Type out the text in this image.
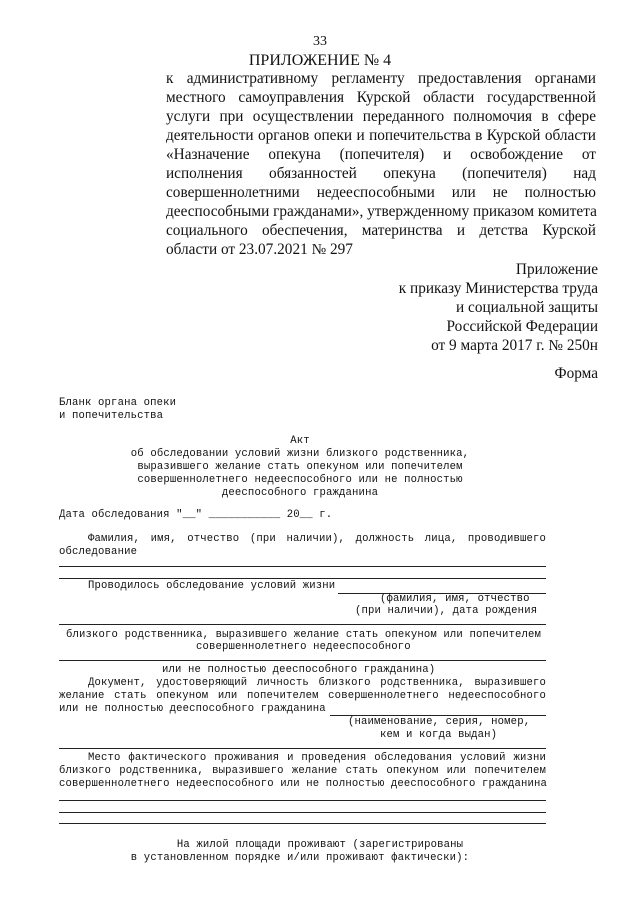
33
ПРИЛОЖЕНИЕ № 4
к административному регламенту предоставления органами
местного самоуправления Курской области государственной
услуги при осуществлении переданного полномочия в сфере
деятельности органов опеки и попечительства в Курской области
«Назначение опекуна (попечителя) и освобождение от
исполнения обязанностей опекуна (попечителя) над
совершеннолетними недееспособными или не полностью
дееспособными гражданами», утвержденному приказом комитета
социального обеспечения, материнства и детства Курской
области от 23.07.2021 № 297
Приложение
к приказу Министерства труда
и социальной защиты
Российской Федерации
от 9 марта 2017 г. № 250н
Форма
Бланк органа опеки
и попечительства
Акт
об обследовании условий жизни близкого родственника,
выразившего желание стать опекуном или попечителем
совершеннолетнего недееспособного или не полностью
дееспособного гражданина
Дата обследования "__" ___________ 20__ г.
Фамилия, имя, отчество (при наличии), должность лица, проводившего
обследование
Проводилось обследование условий жизни
(фамилия, имя, отчество
(при наличии), дата рождения
близкого родственника, выразившего желание стать опекуном или попечителем
совершеннолетнего недееспособного
или не полностью дееспособного гражданина)
Документ, удостоверяющий личность близкого родственника, выразившего
желание стать опекуном или попечителем совершеннолетнего недееспособного
или не полностью дееспособного гражданина
(наименование, серия, номер,
кем и когда выдан)
Место фактического проживания и проведения обследования условий жизни
близкого родственника, выразившего желание стать опекуном или попечителем
совершеннолетнего недееспособного или не полностью дееспособного гражданина
На жилой площади проживают (зарегистрированы
в установленном порядке и/или проживают фактически):
